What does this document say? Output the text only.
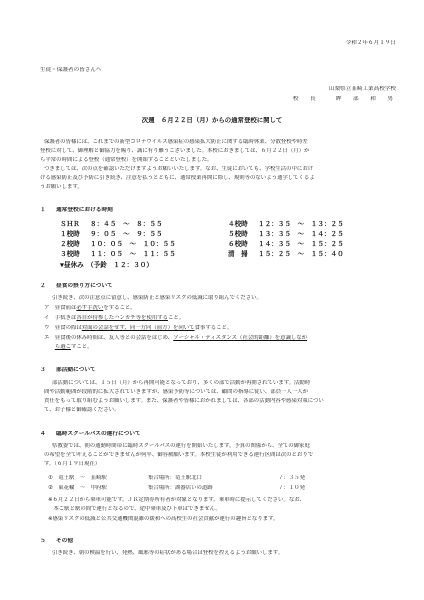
令和２年６月１９日
生徒・保護者の皆さんへ
山梨県立韮崎工業高校学校
校　長　　眸　部　和　男
次週　６月２２日（月）からの通常登校に関して
保護者の皆様には、これまでの新型コロナウイルス感染症の感染拡大防止に関する臨時休業、分散登校や時差
登校に対して、御理解と御協力を賜り、誠に有り難うございました。本校におきましては、６月２２日（月）か
ら平常の時間による登校（通常登校）を開始することといたしました。
つきましては、次の点を確認いただけますようお願いいたします。なお、生徒においても、学校生活の中におけ
ける感染防止及び予防に引き続き、注意を払うとともに、通常授業再開に際し、規則等のないよう通学してくるよ
うお願いします。
１ 通常登校における時刻
ＳＨＲ ８：４５　～　８：５５
１校時 ９：０５　～　９：５５
２校時 １０：０５　～　１０：５５
３校時 １１：０５　～　１１：５５
４校時 １２：３５　～　１３：２５
５校時 １３：３５　～　１４：２５
６校時 １４：３５　～　１５：２５
清　掃 １５：２５　～　１５：４０
▼昼休み　（予鈴　１２：３０）
２ 昼食の摂り方について
引き続き、次の注意点に留意し、感染防止と感染リスクの低減に取り組んでください。
ア　昼食前は必ず手洗いをすること。
イ　手拭きは各自が持参したハンカチ等を使用すること。
ウ　昼食の際は対面の会話をせず、同一方向（前方）を向いて食事すること。
エ　昼食後の休み時間は、友人等との会話をはじめ、ソーシャル・ディスタンス（社会的距離）を意識しなが
　　ら過ごすこと。
３ 部活動について
部活動については、１５日（月）から再開可能となっており、多くの部で活動が再開されています。活動時
間や活動範囲が段階的に拡大されていきますが、感染予防等については、顧問の指導に従い、部員一人一人が
責任をもって取り組むようお願いします。また、保護者や皆様におかれましては、各部の活動内容や感染対策につい
て、お子様と御確認ください。
４ 臨時スクールバスの運行について
県教委では、朝の通勤時間帯に臨時スクールバスの運行を開始いたします。予算の関係から、全ての御家庭
の希望を全て叶えることができませんが何卒、御容赦願います。本校生徒が利用できる運行区間は次のとおりで
す。（６月１９日現在）
①　竜王駅　～　韮崎駅	集合場所：竜王駅北口	７：３５発
②　東花輪　～　甲府駅	集合場所：湖器店いの道路	７：１０発
※６月２２日から乗車可能です。ＪＲ定期券所有者が対象となります。乗車時に提示してください。なお、
　本ご駅と駅の間で運行となるので、途中乗車及び下車はできません。
※感染リスクの低減と公共交通機関混雑の緩和への高校生の社会貢献が運行の趣旨となります。
５ その他
引き続き、朝の検温を行い、発熱、風邪等の症状がある場合は登校を控えるようお願いします。
